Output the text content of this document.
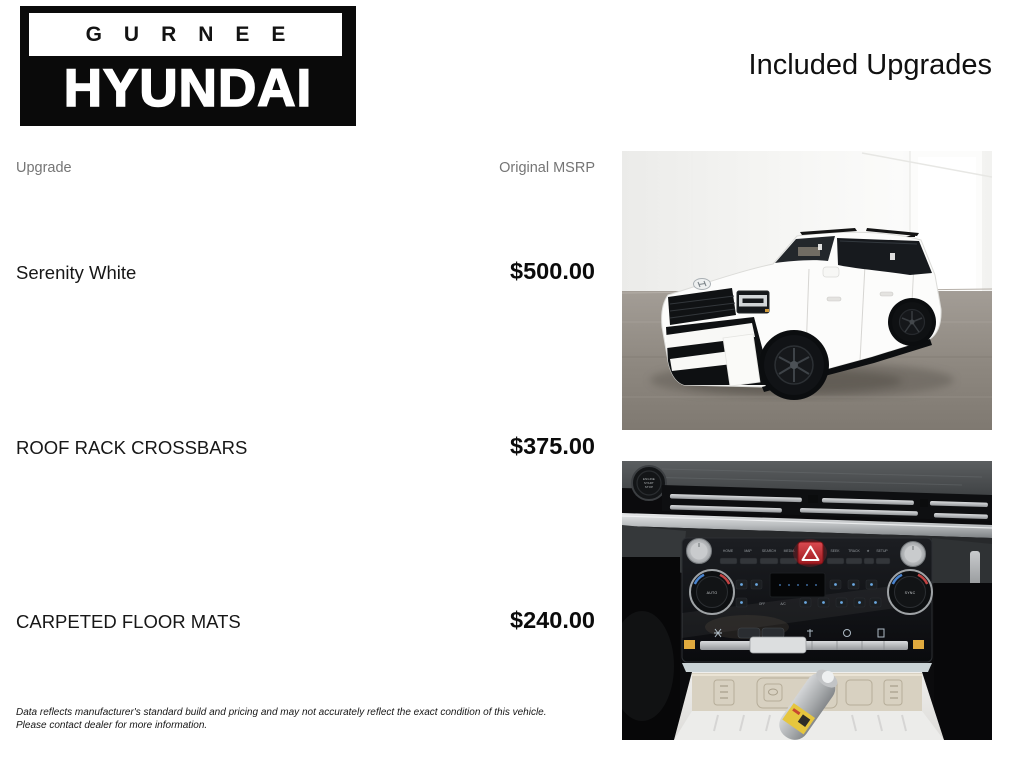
GURNEE
HYUNDAI	Included Upgrades
Upgrade	Original MSRP
Serenity White	$500.00
ROOF RACK CROSSBARS	$375.00
CARPETED FLOOR MATS	$240.00
Data reflects manufacturer's standard build and pricing and may not accurately reflect the exact condition of this vehicle.
Please contact dealer for more information.
ENGINE
START
STOP
HOME	MAP	SEARCH MEDIA	SEEK	TRACK ★ SETUP
AUTO	SYNC
OFF	A/C
